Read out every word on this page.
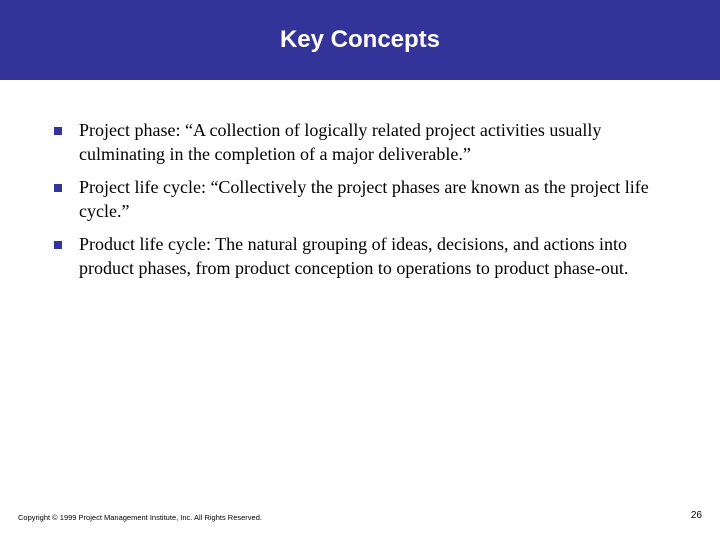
Key Concepts
Project phase: “A collection of logically related project activities usually culminating in the completion of a major deliverable.”
Project life cycle: “Collectively the project phases are known as the project life cycle.”
Product life cycle: The natural grouping of ideas, decisions, and actions into product phases, from product conception to operations to product phase-out.
Copyright © 1999 Project Management Institute, Inc. All Rights Reserved.	26
